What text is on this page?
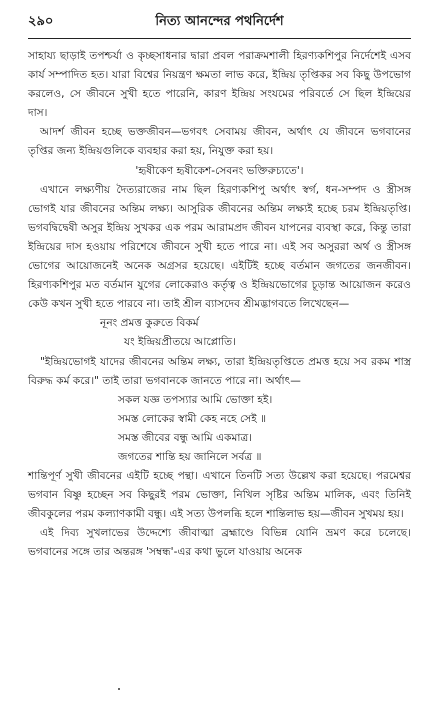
২৯০	নিত্য আনন্দের পথনির্দেশ

সাহায্য ছাড়াই তপশ্চর্যা ও কৃচ্ছসাধনার দ্বারা প্রবল পরাক্রমশালী হিরণ্যকশিপুর নির্দেশেই এসব কার্য সম্পাদিত হত। যারা বিশ্বের নিয়ন্ত্রণ ক্ষমতা লাভ করে, ইন্দ্রিয় তৃপ্তিকর সব কিছু উপভোগ করলেও, সে জীবনে সুখী হতে পারেনি, কারণ ইন্দ্রিয় সংযমের পরিবর্তে সে ছিল ইন্দ্রিয়ের দাস।

আদর্শ জীবন হচ্ছে ভক্তজীবন—ভগবৎ সেবাময় জীবন, অর্থাৎ যে জীবনে ভগবানের তৃপ্তির জন্য ইন্দ্রিয়গুলিকে ব্যবহার করা হয়, নিযুক্ত করা হয়।

'হৃষীকেণ হৃষীকেশ-সেবনং ভক্তিরুচ্যতে'।

এখানে লক্ষ্যণীয় দৈত্যরাজের নাম ছিল হিরণ্যকশিপু অর্থাৎ স্বর্গ, ধন-সম্পদ ও স্ত্রীসঙ্গ ভোগই যার জীবনের অন্তিম লক্ষ্য। আসুরিক জীবনের অন্তিম লক্ষ্যই হচ্ছে চরম ইন্দ্রিয়তৃপ্তি। ভগবদ্বিদ্বেষী অসুর ইন্দ্রিয় সুখকর এক পরম আরামপ্রদ জীবন যাপনের ব্যবস্থা করে, কিন্তু তারা ইন্দ্রিয়ের দাস হওয়ায় পরিশেষে জীবনে সুখী হতে পারে না। এই সব অসুররা অর্থ ও স্ত্রীসঙ্গ ভোগের আয়োজনেই অনেক অগ্রসর হয়েছে। এইটিই হচ্ছে বর্তমান জগতের জনজীবন। হিরণ্যকশিপুর মত বর্তমান যুগের লোকেরাও কর্তৃত্ব ও ইন্দ্রিয়ভোগের চূড়ান্ত আয়োজন করেও কেউ কখন সুখী হতে পারবে না। তাই শ্রীল ব্যাসদেব শ্রীমদ্ভাগবতে লিখেছেন—

নূনং প্রমত্ত কুরুতে বিকর্ম

যং ইন্দ্রিয়প্রীতয়ে আপ্লোতি।

"ইন্দ্রিয়ভোগই যাদের জীবনের অন্তিম লক্ষ্য, তারা ইন্দ্রিয়তৃপ্তিতে প্রমত্ত হয়ে সব রকম শাস্ত্র বিরুদ্ধ কর্ম করে।" তাই তারা ভগবানকে জানতে পারে না। অর্থাৎ—

সকল যজ্ঞ তপস্যার আমি ভোক্তা হই।

সমস্ত লোকের স্বামী কেহ নহে সেই ॥

সমস্ত জীবের বন্ধু আমি একমাত্র।

জগতের শান্তি হয় জানিলে সর্বত্র ॥

শান্তিপূর্ণ সুখী জীবনের এইটি হচ্ছে পন্থা। এখানে তিনটি সত্য উল্লেখ করা হয়েছে। পরমেশ্বর ভগবান বিষ্ণু হচ্ছেন সব কিছুরই পরম ভোক্তা, নিখিল সৃষ্টির অন্তিম মালিক, এবং তিনিই জীবকুলের পরম কল্যাণকামী বন্ধু। এই সত্য উপলব্ধি হলে শান্তিলাভ হয়—জীবন সুখময় হয়।

এই দিব্য সুখলাভের উদ্দেশ্যে জীবাত্মা ব্রহ্মাণ্ডে বিভিন্ন যোনি ভ্রমণ করে চলেছে। ভগবানের সঙ্গে তার অন্তরঙ্গ 'সম্বন্ধ'-এর কথা ভুলে যাওয়ায় অনেক
